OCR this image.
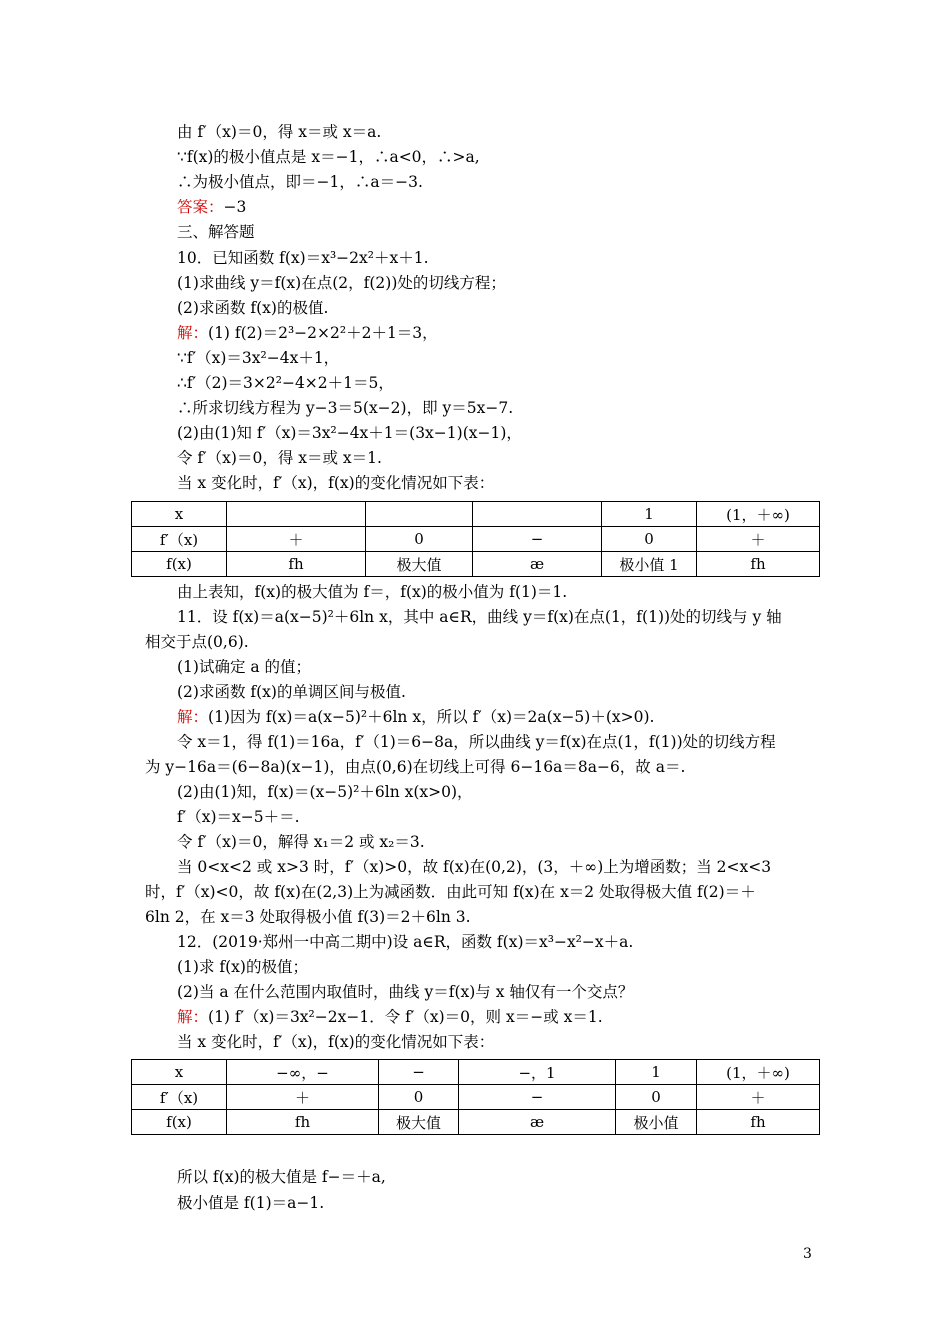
由 f′（x)＝0，得 x＝或 x＝a.
∵f(x)的极小值点是 x＝−1，∴a<0，∴>a,
∴为极小值点，即＝−1，∴a＝−3.
答案：−3
三、解答题
10．已知函数 f(x)＝x³−2x²＋x＋1.
(1)求曲线 y＝f(x)在点(2，f(2))处的切线方程；
(2)求函数 f(x)的极值.
解：(1) f(2)＝2³−2×2²＋2＋1＝3，
∵f′（x)＝3x²−4x＋1，
∴f′（2)＝3×2²−4×2＋1＝5，
∴所求切线方程为 y−3＝5(x−2)，即 y＝5x−7.
(2)由(1)知 f′（x)＝3x²−4x＋1＝(3x−1)(x−1)，
令 f′（x)＝0，得 x＝或 x＝1.
当 x 变化时，f′（x)，f(x)的变化情况如下表：
x				1	(1，＋∞)
f′（x)	＋	0	−	0	＋
f(x)	fh	极大值	æ	极小值 1	fh
由上表知，f(x)的极大值为 f＝，f(x)的极小值为 f(1)＝1.
11．设 f(x)＝a(x−5)²＋6ln x，其中 a∈R，曲线 y＝f(x)在点(1，f(1))处的切线与 y 轴
相交于点(0,6).
(1)试确定 a 的值；
(2)求函数 f(x)的单调区间与极值.
解：(1)因为 f(x)＝a(x−5)²＋6ln x，所以 f′（x)＝2a(x−5)＋(x>0).
令 x＝1，得 f(1)＝16a，f′（1)＝6−8a，所以曲线 y＝f(x)在点(1，f(1))处的切线方程
为 y−16a＝(6−8a)(x−1)，由点(0,6)在切线上可得 6−16a＝8a−6，故 a＝.
(2)由(1)知，f(x)＝(x−5)²＋6ln x(x>0)，
f′（x)＝x−5＋＝.
令 f′（x)＝0，解得 x₁＝2 或 x₂＝3.
当 0<x<2 或 x>3 时，f′（x)>0，故 f(x)在(0,2)，(3，＋∞)上为增函数；当 2<x<3
时，f′（x)<0，故 f(x)在(2,3)上为减函数．由此可知 f(x)在 x＝2 处取得极大值 f(2)＝＋
6ln 2，在 x＝3 处取得极小值 f(3)＝2＋6ln 3.
12．(2019·郑州一中高二期中)设 a∈R，函数 f(x)＝x³−x²−x＋a.
(1)求 f(x)的极值；
(2)当 a 在什么范围内取值时，曲线 y＝f(x)与 x 轴仅有一个交点？
解：(1) f′（x)＝3x²−2x−1．令 f′（x)＝0，则 x＝−或 x＝1.
当 x 变化时，f′（x)，f(x)的变化情况如下表：
x	−∞，−	−	−，1	1	(1，＋∞)
f′（x)	＋	0	−	0	＋
f(x)	fh	极大值	æ	极小值	fh
所以 f(x)的极大值是 f−＝＋a,
极小值是 f(1)＝a−1.
3
